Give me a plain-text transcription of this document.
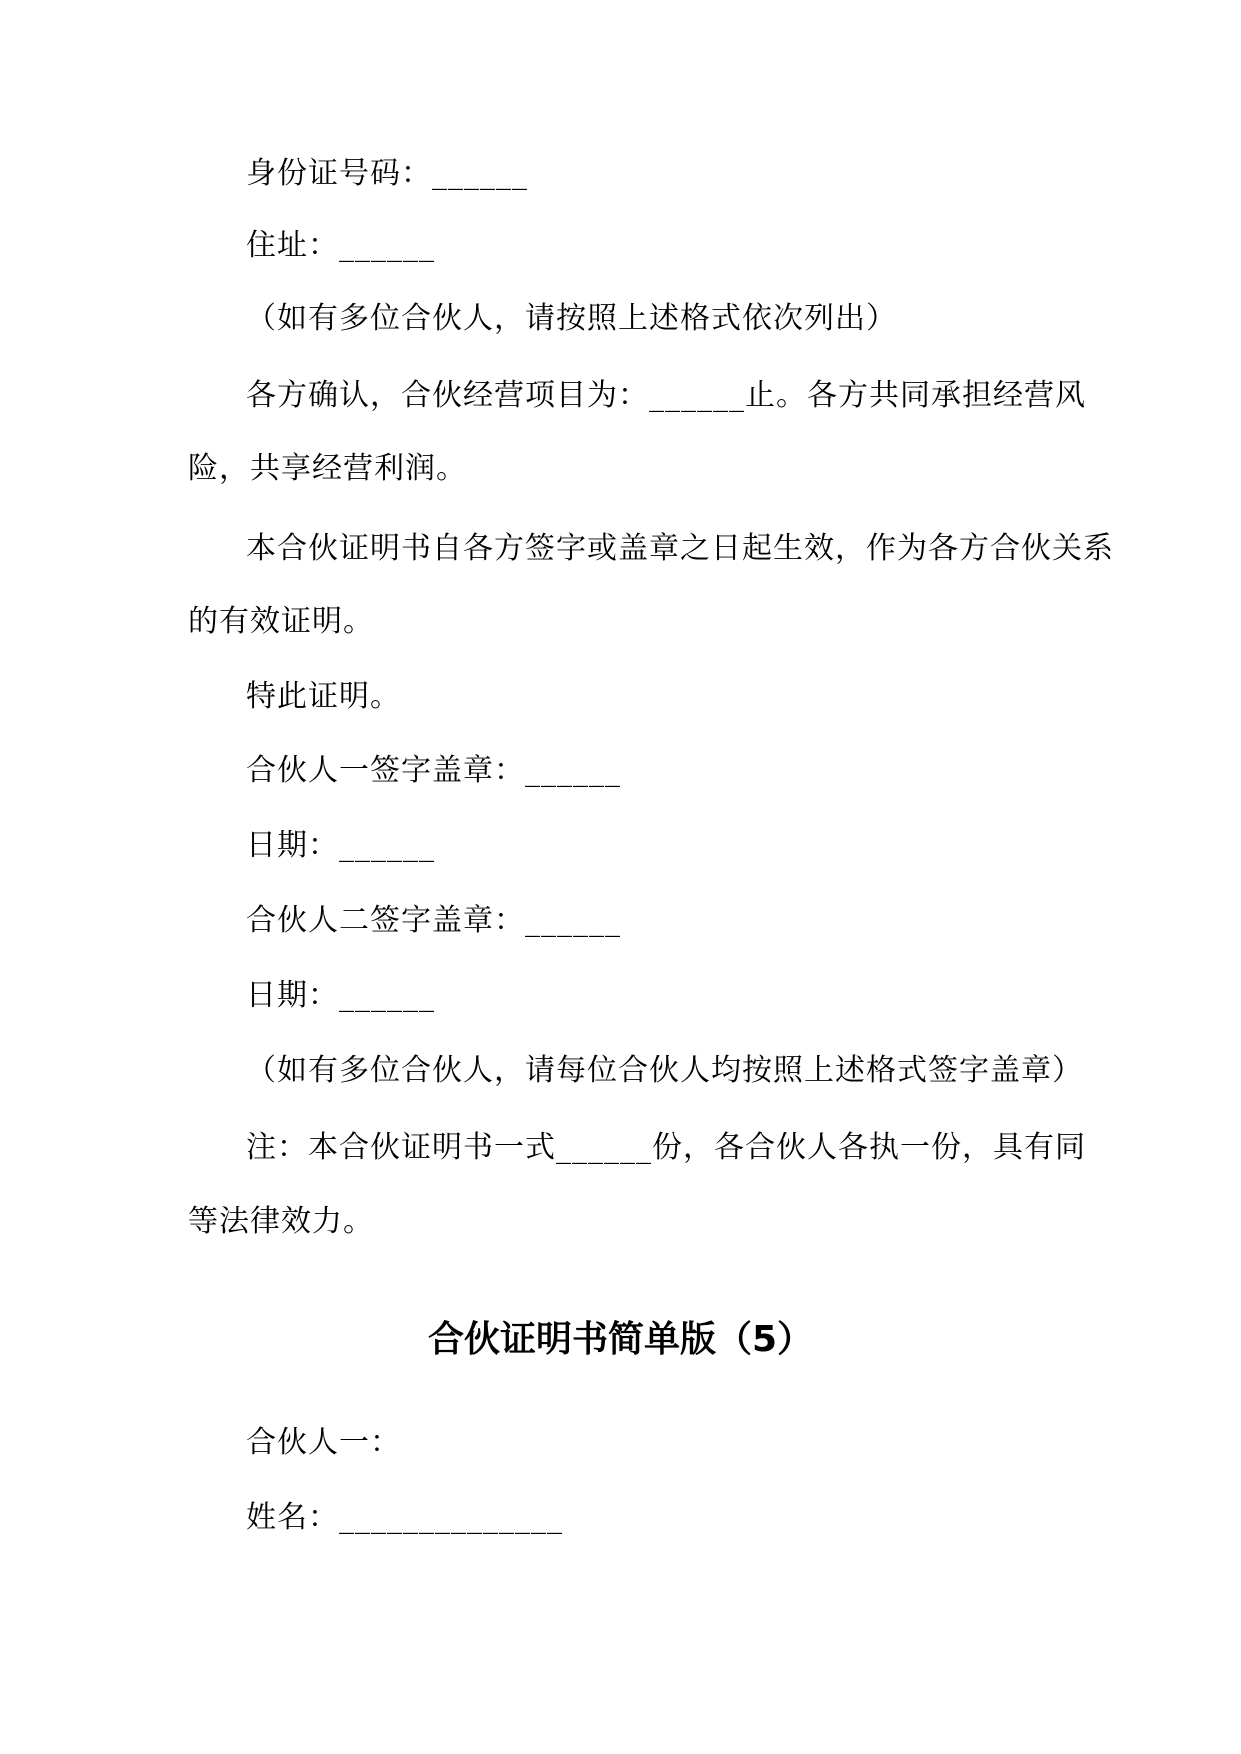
身份证号码：______

住址：______

（如有多位合伙人，请按照上述格式依次列出）

各方确认，合伙经营项目为：______止。各方共同承担经营风

险，共享经营利润。

本合伙证明书自各方签字或盖章之日起生效，作为各方合伙关系

的有效证明。

特此证明。

合伙人一签字盖章：______

日期：______

合伙人二签字盖章：______

日期：______

（如有多位合伙人，请每位合伙人均按照上述格式签字盖章）

注：本合伙证明书一式______份，各合伙人各执一份，具有同

等法律效力。

合伙证明书简单版（5）

合伙人一：

姓名：______________
